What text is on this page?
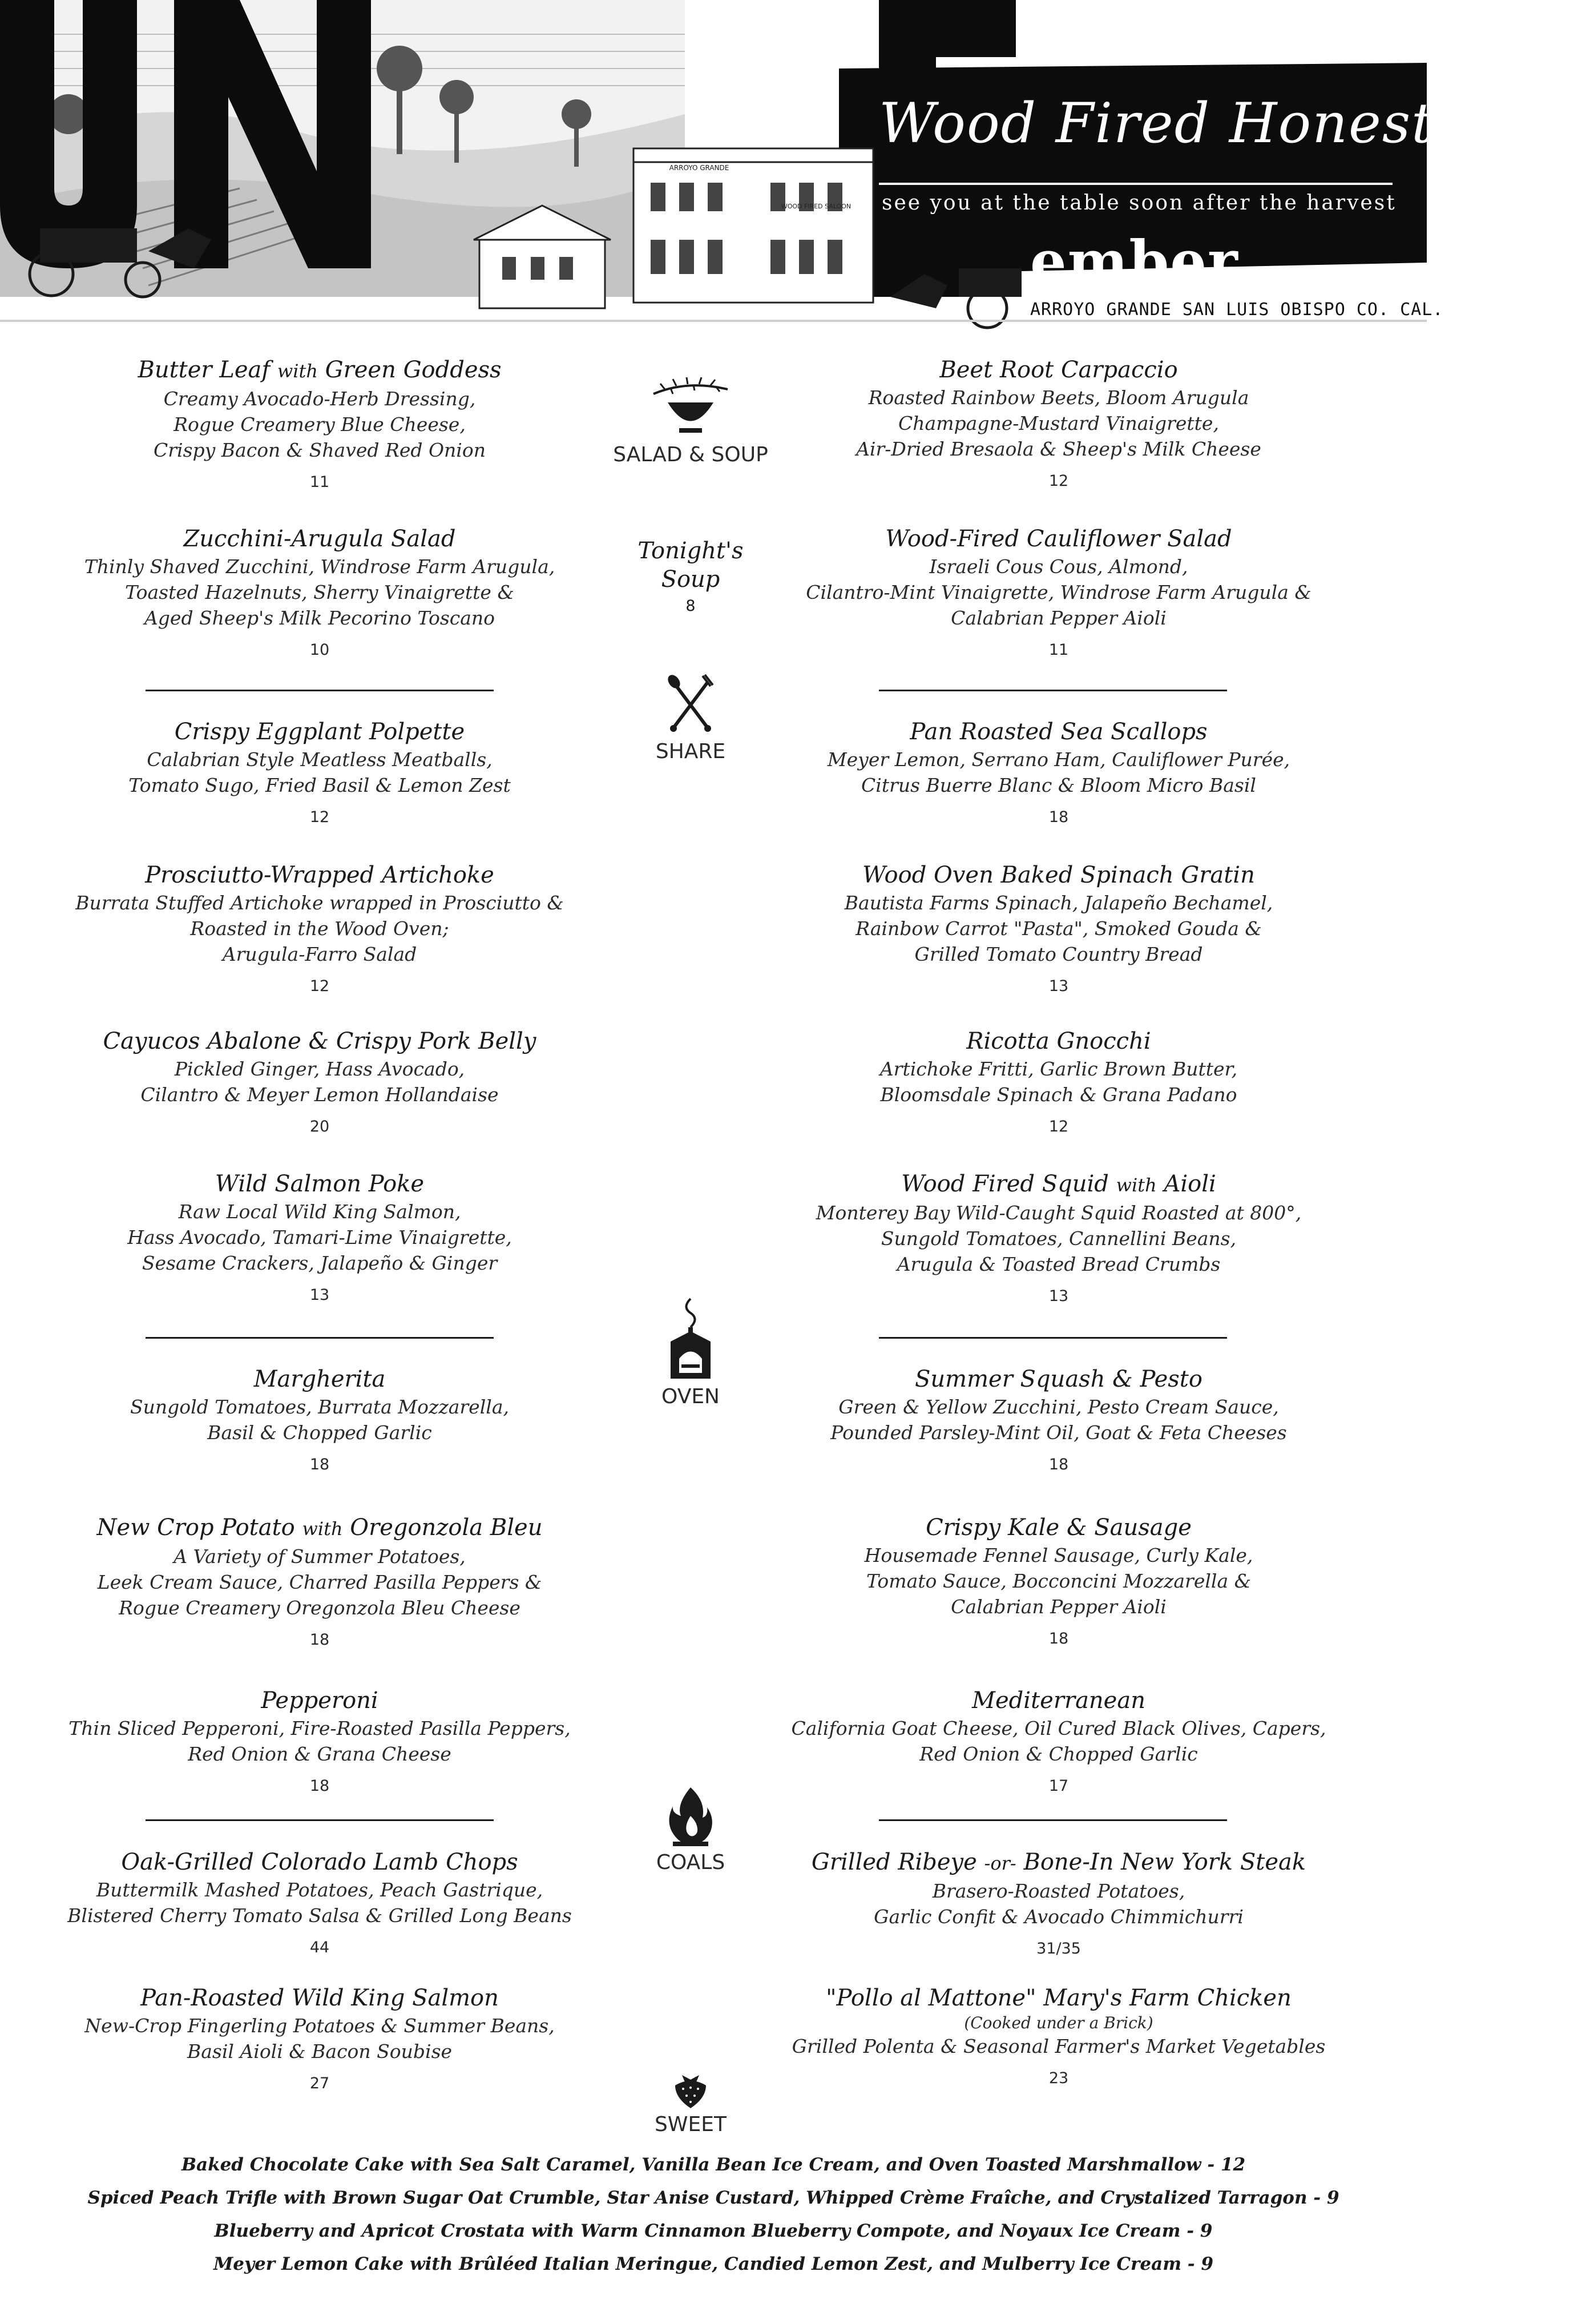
ARROYO GRANDE
WOOD FIRED SALOON
Wood Fired Honest Food
see you at the table soon after the harvest
ember
ARROYO GRANDE SAN LUIS OBISPO CO. CAL.
SALAD & SOUP
Tonight's Soup
8
Butter Leaf with Green Goddess
Creamy Avocado-Herb Dressing,
Rogue Creamery Blue Cheese,
Crispy Bacon & Shaved Red Onion
11
Beet Root Carpaccio
Roasted Rainbow Beets, Bloom Arugula
Champagne-Mustard Vinaigrette,
Air-Dried Bresaola & Sheep's Milk Cheese
12
Zucchini-Arugula Salad
Thinly Shaved Zucchini, Windrose Farm Arugula,
Toasted Hazelnuts, Sherry Vinaigrette &
Aged Sheep's Milk Pecorino Toscano
10
Wood-Fired Cauliflower Salad
Israeli Cous Cous, Almond,
Cilantro-Mint Vinaigrette, Windrose Farm Arugula &
Calabrian Pepper Aioli
11
SHARE
Crispy Eggplant Polpette
Calabrian Style Meatless Meatballs,
Tomato Sugo, Fried Basil & Lemon Zest
12
Pan Roasted Sea Scallops
Meyer Lemon, Serrano Ham, Cauliflower Purée,
Citrus Buerre Blanc & Bloom Micro Basil
18
Prosciutto-Wrapped Artichoke
Burrata Stuffed Artichoke wrapped in Prosciutto &
Roasted in the Wood Oven;
Arugula-Farro Salad
12
Wood Oven Baked Spinach Gratin
Bautista Farms Spinach, Jalapeño Bechamel,
Rainbow Carrot "Pasta", Smoked Gouda &
Grilled Tomato Country Bread
13
Cayucos Abalone & Crispy Pork Belly
Pickled Ginger, Hass Avocado,
Cilantro & Meyer Lemon Hollandaise
20
Ricotta Gnocchi
Artichoke Fritti, Garlic Brown Butter,
Bloomsdale Spinach & Grana Padano
12
Wild Salmon Poke
Raw Local Wild King Salmon,
Hass Avocado, Tamari-Lime Vinaigrette,
Sesame Crackers, Jalapeño & Ginger
13
Wood Fired Squid with Aioli
Monterey Bay Wild-Caught Squid Roasted at 800°,
Sungold Tomatoes, Cannellini Beans,
Arugula & Toasted Bread Crumbs
13
OVEN
Margherita
Sungold Tomatoes, Burrata Mozzarella,
Basil & Chopped Garlic
18
Summer Squash & Pesto
Green & Yellow Zucchini, Pesto Cream Sauce,
Pounded Parsley-Mint Oil, Goat & Feta Cheeses
18
New Crop Potato with Oregonzola Bleu
A Variety of Summer Potatoes,
Leek Cream Sauce, Charred Pasilla Peppers &
Rogue Creamery Oregonzola Bleu Cheese
18
Crispy Kale & Sausage
Housemade Fennel Sausage, Curly Kale,
Tomato Sauce, Bocconcini Mozzarella &
Calabrian Pepper Aioli
18
Pepperoni
Thin Sliced Pepperoni, Fire-Roasted Pasilla Peppers,
Red Onion & Grana Cheese
18
Mediterranean
California Goat Cheese, Oil Cured Black Olives, Capers,
Red Onion & Chopped Garlic
17
COALS
Oak-Grilled Colorado Lamb Chops
Buttermilk Mashed Potatoes, Peach Gastrique,
Blistered Cherry Tomato Salsa & Grilled Long Beans
44
Grilled Ribeye -or- Bone-In New York Steak
Brasero-Roasted Potatoes,
Garlic Confit & Avocado Chimmichurri
31/35
Pan-Roasted Wild King Salmon
New-Crop Fingerling Potatoes & Summer Beans,
Basil Aioli & Bacon Soubise
27
"Pollo al Mattone" Mary's Farm Chicken
(Cooked under a Brick)
Grilled Polenta & Seasonal Farmer's Market Vegetables
23
SWEET
Baked Chocolate Cake with Sea Salt Caramel, Vanilla Bean Ice Cream, and Oven Toasted Marshmallow - 12
Spiced Peach Trifle with Brown Sugar Oat Crumble, Star Anise Custard, Whipped Crème Fraîche, and Crystalized Tarragon - 9
Blueberry and Apricot Crostata with Warm Cinnamon Blueberry Compote, and Noyaux Ice Cream - 9
Meyer Lemon Cake with Brûléed Italian Meringue, Candied Lemon Zest, and Mulberry Ice Cream - 9
